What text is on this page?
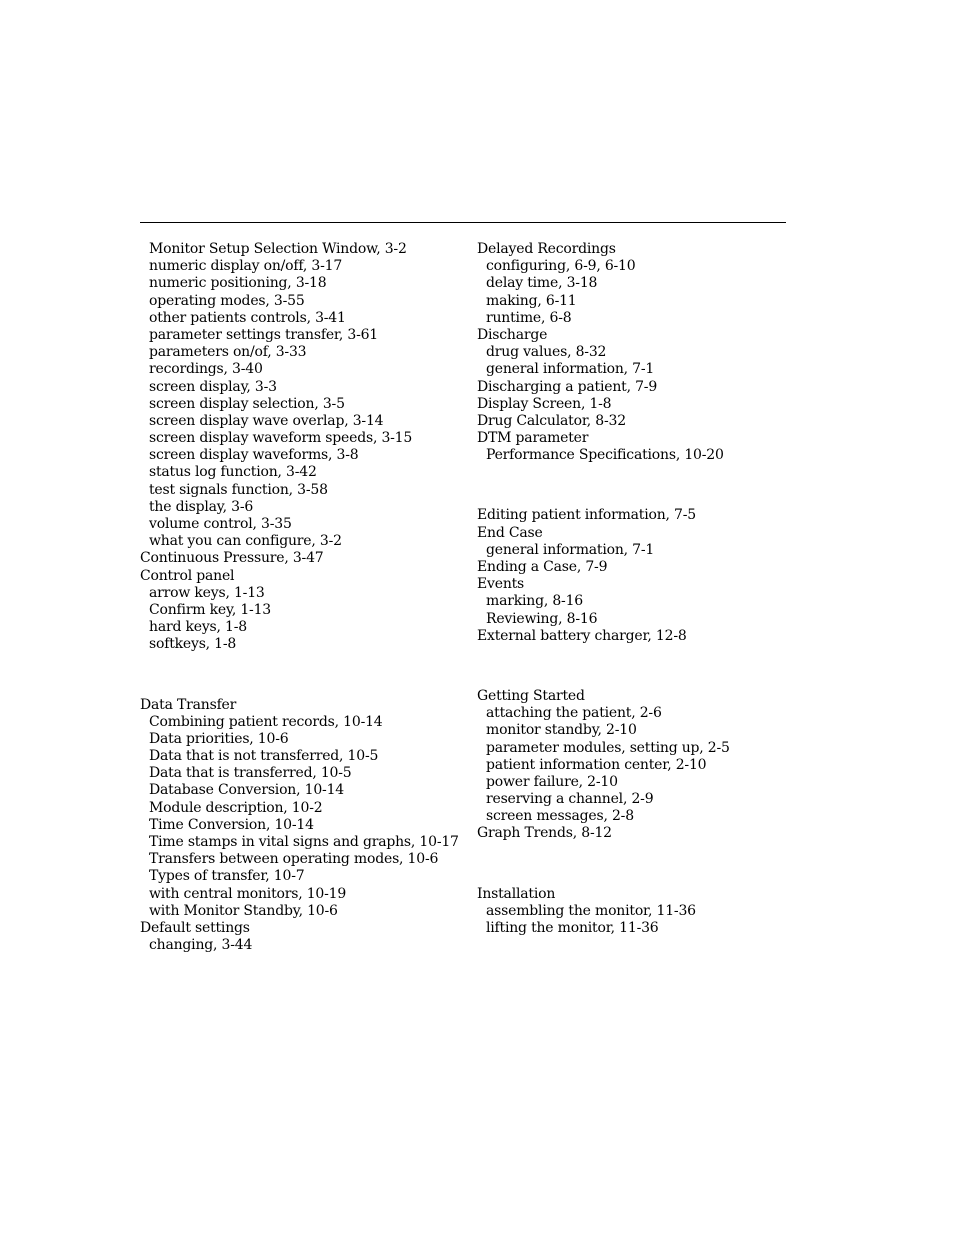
Monitor Setup Selection Window, 3-2
numeric display on/off, 3-17
numeric positioning, 3-18
operating modes, 3-55
other patients controls, 3-41
parameter settings transfer, 3-61
parameters on/of, 3-33
recordings, 3-40
screen display, 3-3
screen display selection, 3-5
screen display wave overlap, 3-14
screen display waveform speeds, 3-15
screen display waveforms, 3-8
status log function, 3-42
test signals function, 3-58
the display, 3-6
volume control, 3-35
what you can configure, 3-2
Continuous Pressure, 3-47
Control panel
arrow keys, 1-13
Confirm key, 1-13
hard keys, 1-8
softkeys, 1-8
Data Transfer
Combining patient records, 10-14
Data priorities, 10-6
Data that is not transferred, 10-5
Data that is transferred, 10-5
Database Conversion, 10-14
Module description, 10-2
Time Conversion, 10-14
Time stamps in vital signs and graphs, 10-17
Transfers between operating modes, 10-6
Types of transfer, 10-7
with central monitors, 10-19
with Monitor Standby, 10-6
Default settings
changing, 3-44
Delayed Recordings
configuring, 6-9, 6-10
delay time, 3-18
making, 6-11
runtime, 6-8
Discharge
drug values, 8-32
general information, 7-1
Discharging a patient, 7-9
Display Screen, 1-8
Drug Calculator, 8-32
DTM parameter
Performance Specifications, 10-20
Editing patient information, 7-5
End Case
general information, 7-1
Ending a Case, 7-9
Events
marking, 8-16
Reviewing, 8-16
External battery charger, 12-8
Getting Started
attaching the patient, 2-6
monitor standby, 2-10
parameter modules, setting up, 2-5
patient information center, 2-10
power failure, 2-10
reserving a channel, 2-9
screen messages, 2-8
Graph Trends, 8-12
Installation
assembling the monitor, 11-36
lifting the monitor, 11-36
